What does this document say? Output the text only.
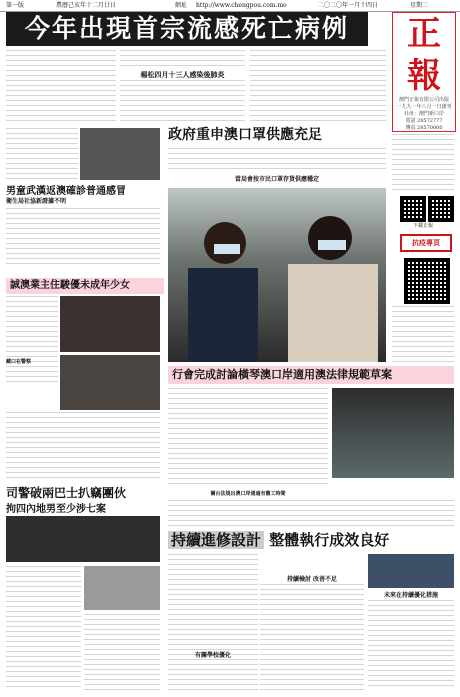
第一版	農曆己亥年十二月廿日	網址 http://www.chengpou.com.mo	二〇二〇年一月十四日	星期二
今年出現首宗流感死亡病例	正報
澳門正報有限公司出版
一九九一年八月一日創刊
社址：澳門新口岸
電話 28572777
傳真 28570000
楊松四月十三人感染後肺炎
男童武漢返澳確診普通感冒
衛生局社協新證據不明
誠澳業主住駿優未成年少女
藏口在警察
司警破兩巴士扒竊團伙
拘四內地男至少涉七案
政府重申澳口罩供應充足
當局會按市民口罩存貨供應穩定
行會完成討論橫琴澳口岸適用澳法律規範草案
爾台法規出澳口岸通過有舊工時間
持續進修設計 整體執行成效良好
持續檢討 改善不足
有關學校優化
未來在持續優化措施
下載正報
抗疫專頁
